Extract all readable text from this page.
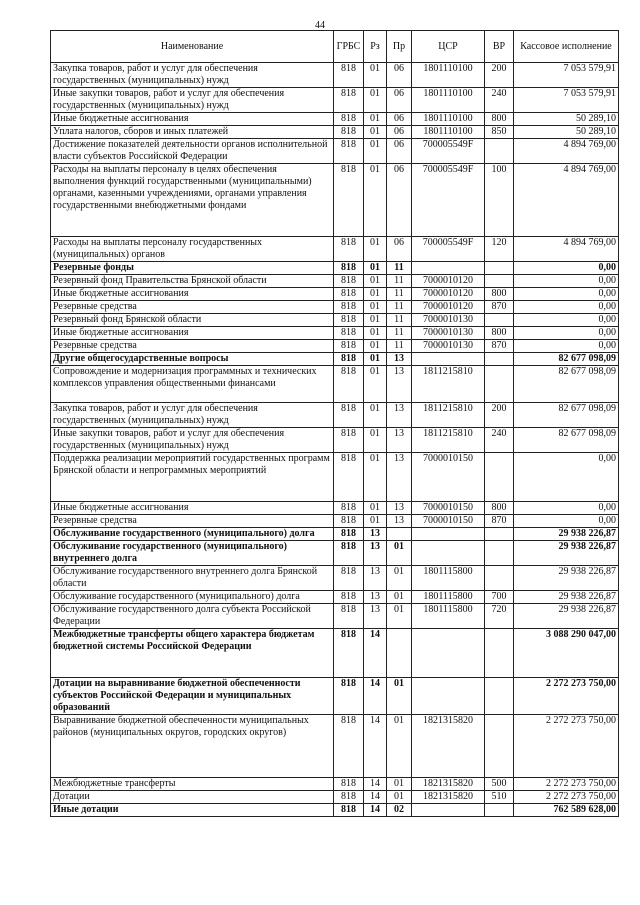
44
Наименование	ГРБС	Рз	Пр	ЦСР	ВР	Кассовое исполнение
Закупка товаров, работ и услуг для обеспечения государственных (муниципальных) нужд	818	01	06	1801110100	200	7 053 579,91
Иные закупки товаров, работ и услуг для обеспечения государственных (муниципальных) нужд	818	01	06	1801110100	240	7 053 579,91
Иные бюджетные ассигнования	818	01	06	1801110100	800	50 289,10
Уплата налогов, сборов и иных платежей	818	01	06	1801110100	850	50 289,10
Достижение показателей деятельности органов исполнительной власти субъектов Российской Федерации	818	01	06	700005549F		4 894 769,00
Расходы на выплаты персоналу в целях обеспечения выполнения функций государственными (муниципальными) органами, казенными учреждениями, органами управления государственными внебюджетными фондами	818	01	06	700005549F	100	4 894 769,00
Расходы на выплаты персоналу государственных (муниципальных) органов	818	01	06	700005549F	120	4 894 769,00
Резервные фонды	818	01	11			0,00
Резервный фонд Правительства Брянской области	818	01	11	7000010120		0,00
Иные бюджетные ассигнования	818	01	11	7000010120	800	0,00
Резервные средства	818	01	11	7000010120	870	0,00
Резервный фонд Брянской области	818	01	11	7000010130		0,00
Иные бюджетные ассигнования	818	01	11	7000010130	800	0,00
Резервные средства	818	01	11	7000010130	870	0,00
Другие общегосударственные вопросы	818	01	13			82 677 098,09
Сопровождение и модернизация программных и технических комплексов управления общественными финансами	818	01	13	1811215810		82 677 098,09
Закупка товаров, работ и услуг для обеспечения государственных (муниципальных) нужд	818	01	13	1811215810	200	82 677 098,09
Иные закупки товаров, работ и услуг для обеспечения государственных (муниципальных) нужд	818	01	13	1811215810	240	82 677 098,09
Поддержка реализации мероприятий государственных программ Брянской области и непрограммных мероприятий	818	01	13	7000010150		0,00
Иные бюджетные ассигнования	818	01	13	7000010150	800	0,00
Резервные средства	818	01	13	7000010150	870	0,00
Обслуживание государственного (муниципального) долга	818	13				29 938 226,87
Обслуживание государственного (муниципального) внутреннего долга	818	13	01			29 938 226,87
Обслуживание государственного внутреннего долга Брянской области	818	13	01	1801115800		29 938 226,87
Обслуживание государственного (муниципального) долга	818	13	01	1801115800	700	29 938 226,87
Обслуживание государственного долга субъекта Российской Федерации	818	13	01	1801115800	720	29 938 226,87
Межбюджетные трансферты общего характера бюджетам бюджетной системы Российской Федерации	818	14				3 088 290 047,00
Дотации на выравнивание бюджетной обеспеченности субъектов Российской Федерации и муниципальных образований	818	14	01			2 272 273 750,00
Выравнивание бюджетной обеспеченности муниципальных районов (муниципальных округов, городских округов)	818	14	01	1821315820		2 272 273 750,00
Межбюджетные трансферты	818	14	01	1821315820	500	2 272 273 750,00
Дотации	818	14	01	1821315820	510	2 272 273 750,00
Иные дотации	818	14	02			762 589 628,00
